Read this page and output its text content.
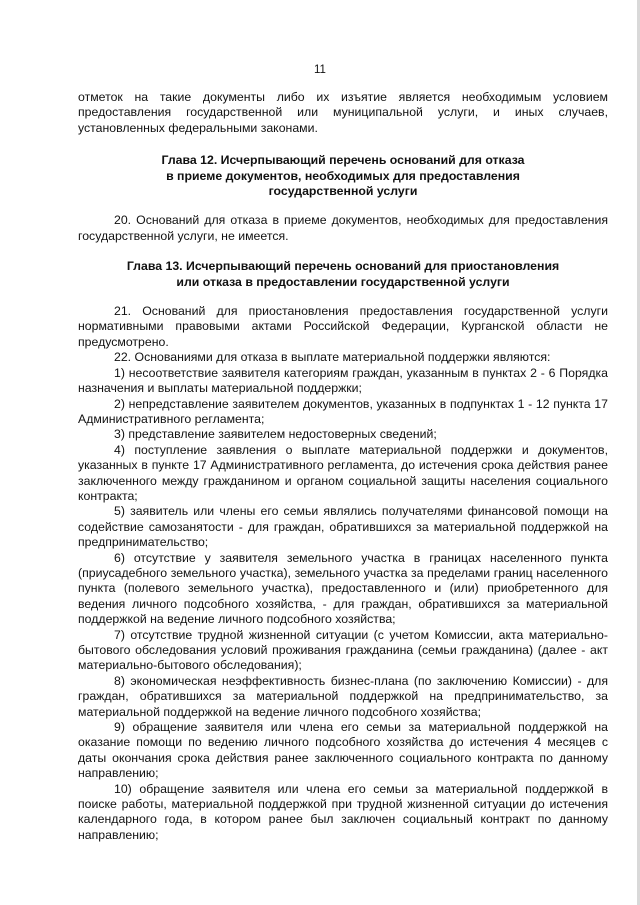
11

отметок на такие документы либо их изъятие является необходимым условием предоставления государственной или муниципальной услуги, и иных случаев, установленных федеральными законами.

Глава 12. Исчерпывающий перечень оснований для отказа
в приеме документов, необходимых для предоставления
государственной услуги

20. Оснований для отказа в приеме документов, необходимых для предоставления государственной услуги, не имеется.

Глава 13. Исчерпывающий перечень оснований для приостановления
или отказа в предоставлении государственной услуги

21. Оснований для приостановления предоставления государственной услуги нормативными правовыми актами Российской Федерации, Курганской области не предусмотрено.

22. Основаниями для отказа в выплате материальной поддержки являются:

1) несоответствие заявителя категориям граждан, указанным в пунктах 2 - 6 Порядка назначения и выплаты материальной поддержки;

2) непредставление заявителем документов, указанных в подпунктах 1 - 12 пункта 17 Административного регламента;

3) представление заявителем недостоверных сведений;

4) поступление заявления о выплате материальной поддержки и документов, указанных в пункте 17 Административного регламента, до истечения срока действия ранее заключенного между гражданином и органом социальной защиты населения социального контракта;

5) заявитель или члены его семьи являлись получателями финансовой помощи на содействие самозанятости - для граждан, обратившихся за материальной поддержкой на предпринимательство;

6) отсутствие у заявителя земельного участка в границах населенного пункта (приусадебного земельного участка), земельного участка за пределами границ населенного пункта (полевого земельного участка), предоставленного и (или) приобретенного для ведения личного подсобного хозяйства, - для граждан, обратившихся за материальной поддержкой на ведение личного подсобного хозяйства;

7) отсутствие трудной жизненной ситуации (с учетом Комиссии, акта материально-бытового обследования условий проживания гражданина (семьи гражданина) (далее - акт материально-бытового обследования);

8) экономическая неэффективность бизнес-плана (по заключению Комиссии) - для граждан, обратившихся за материальной поддержкой на предпринимательство, за материальной поддержкой на ведение личного подсобного хозяйства;

9) обращение заявителя или члена его семьи за материальной поддержкой на оказание помощи по ведению личного подсобного хозяйства до истечения 4 месяцев с даты окончания срока действия ранее заключенного социального контракта по данному направлению;

10) обращение заявителя или члена его семьи за материальной поддержкой в поиске работы, материальной поддержкой при трудной жизненной ситуации до истечения календарного года, в котором ранее был заключен социальный контракт по данному направлению;
